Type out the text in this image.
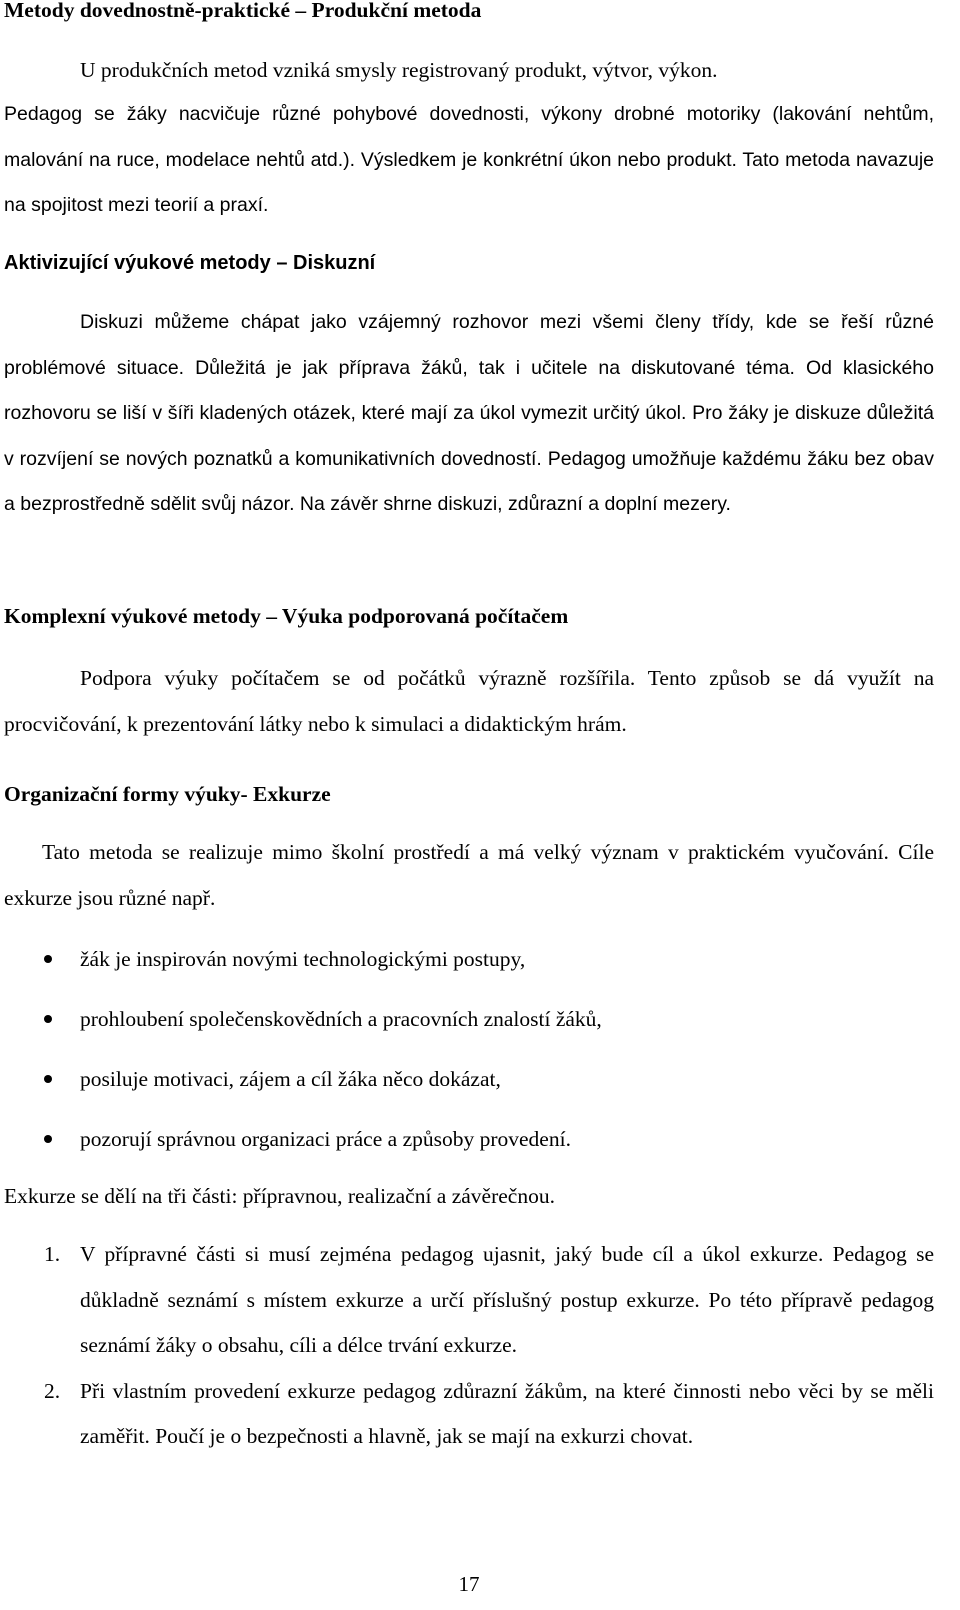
Metody dovednostně-praktické – Produkční metoda
U produkčních metod vzniká smysly registrovaný produkt, výtvor, výkon.
Pedagog se žáky nacvičuje různé pohybové dovednosti, výkony drobné motoriky (lakování nehtům, malování na ruce, modelace nehtů atd.). Výsledkem je konkrétní úkon nebo produkt. Tato metoda navazuje na spojitost mezi teorií a praxí.
Aktivizující výukové metody – Diskuzní
Diskuzi můžeme chápat jako vzájemný rozhovor mezi všemi členy třídy, kde se řeší různé problémové situace. Důležitá je jak příprava žáků, tak i učitele na diskutované téma. Od klasického rozhovoru se liší v šíři kladených otázek, které mají za úkol vymezit určitý úkol. Pro žáky je diskuze důležitá v rozvíjení se nových poznatků a komunikativních dovedností. Pedagog umožňuje každému žáku bez obav a bezprostředně sdělit svůj názor. Na závěr shrne diskuzi, zdůrazní a doplní mezery.
Komplexní výukové metody – Výuka podporovaná počítačem
Podpora výuky počítačem se od počátků výrazně rozšířila. Tento způsob se dá využít na procvičování, k prezentování látky nebo k simulaci a didaktickým hrám.
Organizační formy výuky- Exkurze
Tato metoda se realizuje mimo školní prostředí a má velký význam v praktickém vyučování. Cíle exkurze jsou různé např.
žák je inspirován novými technologickými postupy,
prohloubení společenskovědních a pracovních znalostí žáků,
posiluje motivaci, zájem a cíl žáka něco dokázat,
pozorují správnou organizaci práce a způsoby provedení.
Exkurze se dělí na tři části: přípravnou, realizační a závěrečnou.
1. V přípravné části si musí zejména pedagog ujasnit, jaký bude cíl a úkol exkurze. Pedagog se důkladně seznámí s místem exkurze a určí příslušný postup exkurze. Po této přípravě pedagog seznámí žáky o obsahu, cíli a délce trvání exkurze.
2. Při vlastním provedení exkurze pedagog zdůrazní žákům, na které činnosti nebo věci by se měli zaměřit. Poučí je o bezpečnosti a hlavně, jak se mají na exkurzi chovat.
17
